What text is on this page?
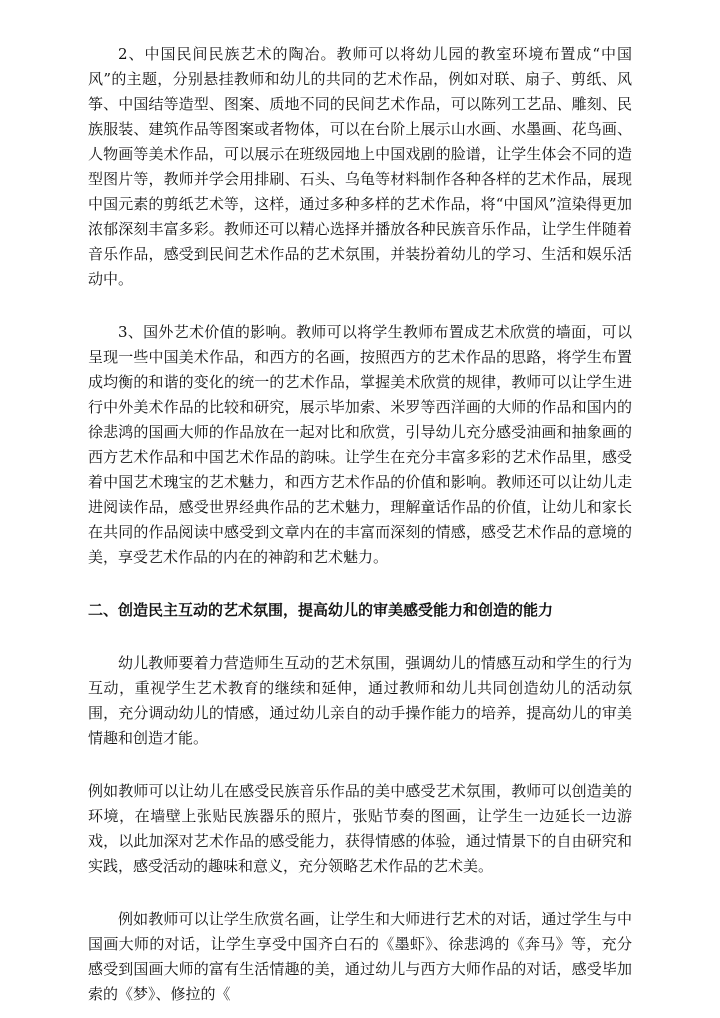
2、中国民间民族艺术的陶冶。教师可以将幼儿园的教室环境布置成“中国风”的主题，分别悬挂教师和幼儿的共同的艺术作品，例如对联、扇子、剪纸、风筝、中国结等造型、图案、质地不同的民间艺术作品，可以陈列工艺品、雕刻、民族服装、建筑作品等图案或者物体，可以在台阶上展示山水画、水墨画、花鸟画、人物画等美术作品，可以展示在班级园地上中国戏剧的脸谱，让学生体会不同的造型图片等，教师并学会用排刷、石头、乌龟等材料制作各种各样的艺术作品，展现中国元素的剪纸艺术等，这样，通过多种多样的艺术作品，将“中国风”渲染得更加浓郁深刻丰富多彩。教师还可以精心选择并播放各种民族音乐作品，让学生伴随着音乐作品，感受到民间艺术作品的艺术氛围，并装扮着幼儿的学习、生活和娱乐活动中。

3、国外艺术价值的影响。教师可以将学生教师布置成艺术欣赏的墙面，可以呈现一些中国美术作品，和西方的名画，按照西方的艺术作品的思路，将学生布置成均衡的和谐的变化的统一的艺术作品，掌握美术欣赏的规律，教师可以让学生进行中外美术作品的比较和研究，展示毕加索、米罗等西洋画的大师的作品和国内的徐悲鸿的国画大师的作品放在一起对比和欣赏，引导幼儿充分感受油画和抽象画的西方艺术作品和中国艺术作品的韵味。让学生在充分丰富多彩的艺术作品里，感受着中国艺术瑰宝的艺术魅力，和西方艺术作品的价值和影响。教师还可以让幼儿走进阅读作品，感受世界经典作品的艺术魅力，理解童话作品的价值，让幼儿和家长在共同的作品阅读中感受到文章内在的丰富而深刻的情感，感受艺术作品的意境的美，享受艺术作品的内在的神韵和艺术魅力。

二、创造民主互动的艺术氛围，提高幼儿的审美感受能力和创造的能力

幼儿教师要着力营造师生互动的艺术氛围，强调幼儿的情感互动和学生的行为互动，重视学生艺术教育的继续和延伸，通过教师和幼儿共同创造幼儿的活动氛围，充分调动幼儿的情感，通过幼儿亲自的动手操作能力的培养，提高幼儿的审美情趣和创造才能。

例如教师可以让幼儿在感受民族音乐作品的美中感受艺术氛围，教师可以创造美的环境，在墙壁上张贴民族器乐的照片，张贴节奏的图画，让学生一边延长一边游戏，以此加深对艺术作品的感受能力，获得情感的体验，通过情景下的自由研究和实践，感受活动的趣味和意义，充分领略艺术作品的艺术美。

例如教师可以让学生欣赏名画，让学生和大师进行艺术的对话，通过学生与中国画大师的对话，让学生享受中国齐白石的《墨虾》、徐悲鸿的《奔马》等，充分感受到国画大师的富有生活情趣的美，通过幼儿与西方大师作品的对话，感受毕加索的《梦》、修拉的《
